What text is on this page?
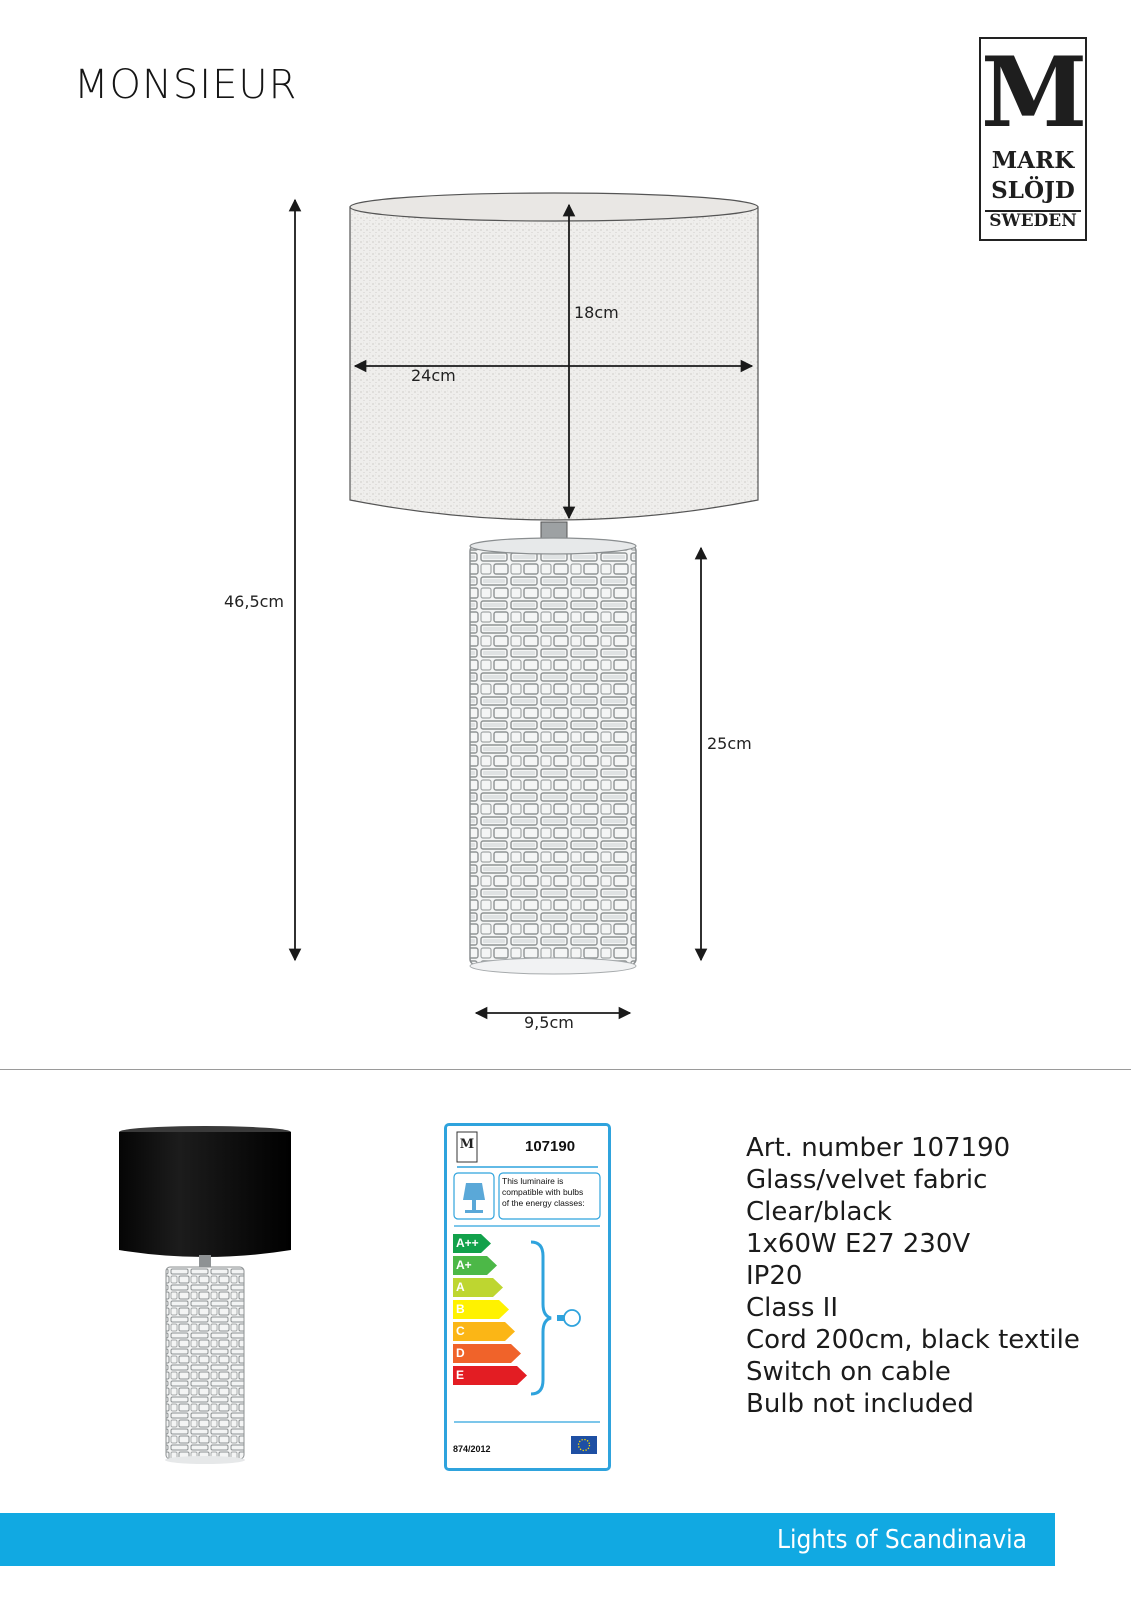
MONSIEUR	M
MARK
SLÖJD
SWEDEN
18cm
24cm
46,5cm
25cm
9,5cm
M	107190
This luminaire is
compatible with bulbs
of the energy classes:
A++
A+
A
B
C
D
E
874/2012
Art. number 107190
Glass/velvet fabric
Clear/black
1x60W E27 230V
IP20
Class II
Cord 200cm, black textile
Switch on cable
Bulb not included
Lights of Scandinavia
